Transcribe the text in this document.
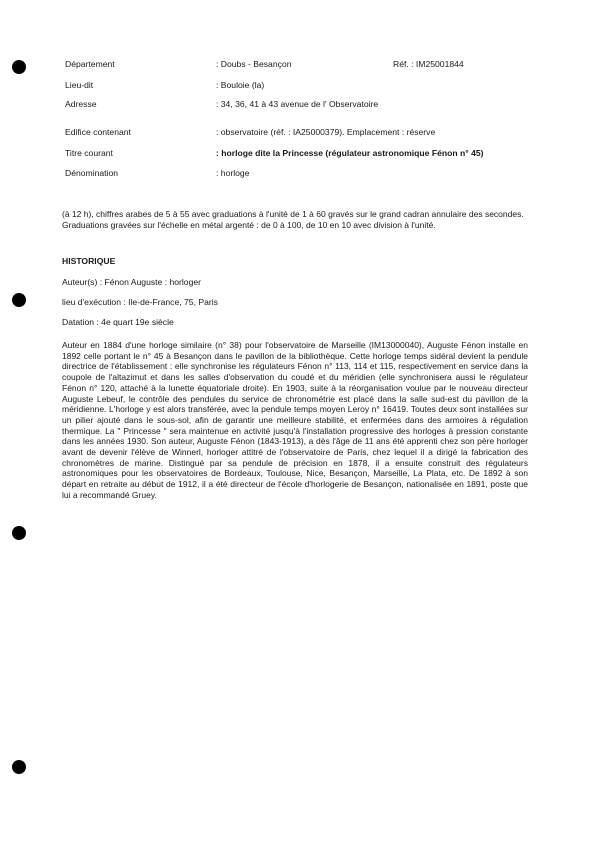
Département	: Doubs - Besançon	Réf. : IM25001844
Lieu-dit	: Bouloie (la)
Adresse	: 34, 36, 41 à 43 avenue de l' Observatoire
Edifice contenant	: observatoire (réf. : IA25000379). Emplacement : réserve
Titre courant	: horloge dite la Princesse (régulateur astronomique Fénon n° 45)
Dénomination	: horloge
(à 12 h), chiffres arabes de 5 à 55 avec graduations à l'unité de 1 à 60 gravés sur le grand cadran annulaire des secondes. Graduations gravées sur l'échelle en métal argenté : de 0 à 100, de 10 en 10 avec division à l'unité.
HISTORIQUE
Auteur(s) : Fénon Auguste : horloger
lieu d'exécution : Ile-de-France, 75, Paris
Datation : 4e quart 19e siècle
Auteur en 1884 d'une horloge similaire (n° 38) pour l'observatoire de Marseille (IM13000040), Auguste Fénon installe en 1892 celle portant le n° 45 à Besançon dans le pavillon de la bibliothèque. Cette horloge temps sidéral devient la pendule directrice de l'établissement : elle synchronise les régulateurs Fénon n° 113, 114 et 115, respectivement en service dans la coupole de l'altazimut et dans les salles d'observation du coudé et du méridien (elle synchronisera aussi le régulateur Fénon n° 120, attaché à la lunette équatoriale droite). En 1903, suite à la réorganisation voulue par le nouveau directeur Auguste Lebeuf, le contrôle des pendules du service de chronométrie est placé dans la salle sud-est du pavillon de la méridienne. L'horloge y est alors transférée, avec la pendule temps moyen Leroy n° 16419. Toutes deux sont installées sur un pilier ajouté dans le sous-sol, afin de garantir une meilleure stabilité, et enfermées dans des armoires à régulation thermique. La " Princesse " sera maintenue en activité jusqu'à l'installation progressive des horloges à pression constante dans les années 1930. Son auteur, Auguste Fénon (1843-1913), a dès l'âge de 11 ans été apprenti chez son père horloger avant de devenir l'élève de Winnerl, horloger attitré de l'observatoire de Paris, chez lequel il a dirigé la fabrication des chronomètres de marine. Distingué par sa pendule de précision en 1878, il a ensuite construit des régulateurs astronomiques pour les observatoires de Bordeaux, Toulouse, Nice, Besançon, Marseille, La Plata, etc. De 1892 à son départ en retraite au début de 1912, il a été directeur de l'école d'horlogerie de Besançon, nationalisée en 1891, poste que lui a recommandé Gruey.
